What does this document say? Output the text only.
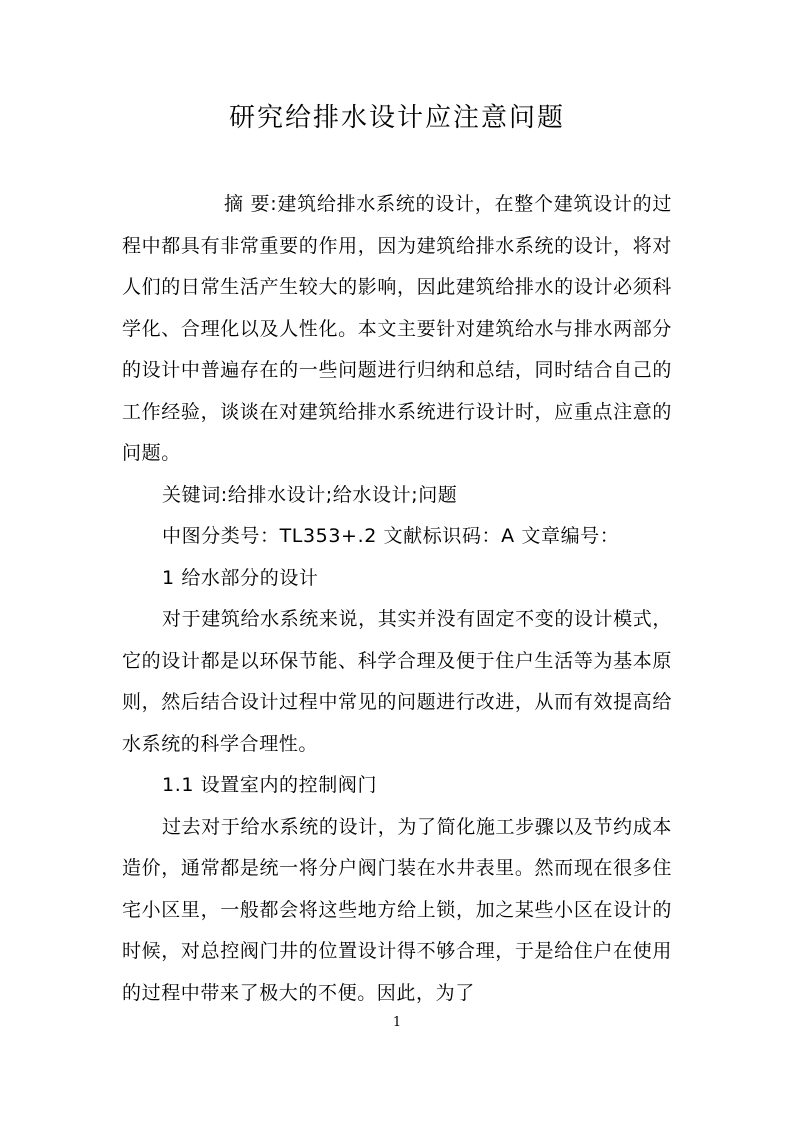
研究给排水设计应注意问题

摘 要:建筑给排水系统的设计，在整个建筑设计的过程中都具有非常重要的作用，因为建筑给排水系统的设计，将对人们的日常生活产生较大的影响，因此建筑给排水的设计必须科学化、合理化以及人性化。本文主要针对建筑给水与排水两部分的设计中普遍存在的一些问题进行归纳和总结，同时结合自己的工作经验，谈谈在对建筑给排水系统进行设计时，应重点注意的问题。

关键词:给排水设计;给水设计;问题

中图分类号：TL353+.2 文献标识码：A 文章编号：

1 给水部分的设计

对于建筑给水系统来说，其实并没有固定不变的设计模式，它的设计都是以环保节能、科学合理及便于住户生活等为基本原则，然后结合设计过程中常见的问题进行改进，从而有效提高给水系统的科学合理性。

1.1 设置室内的控制阀门

过去对于给水系统的设计，为了简化施工步骤以及节约成本造价，通常都是统一将分户阀门装在水井表里。然而现在很多住宅小区里，一般都会将这些地方给上锁，加之某些小区在设计的时候，对总控阀门井的位置设计得不够合理，于是给住户在使用的过程中带来了极大的不便。因此，为了

1
